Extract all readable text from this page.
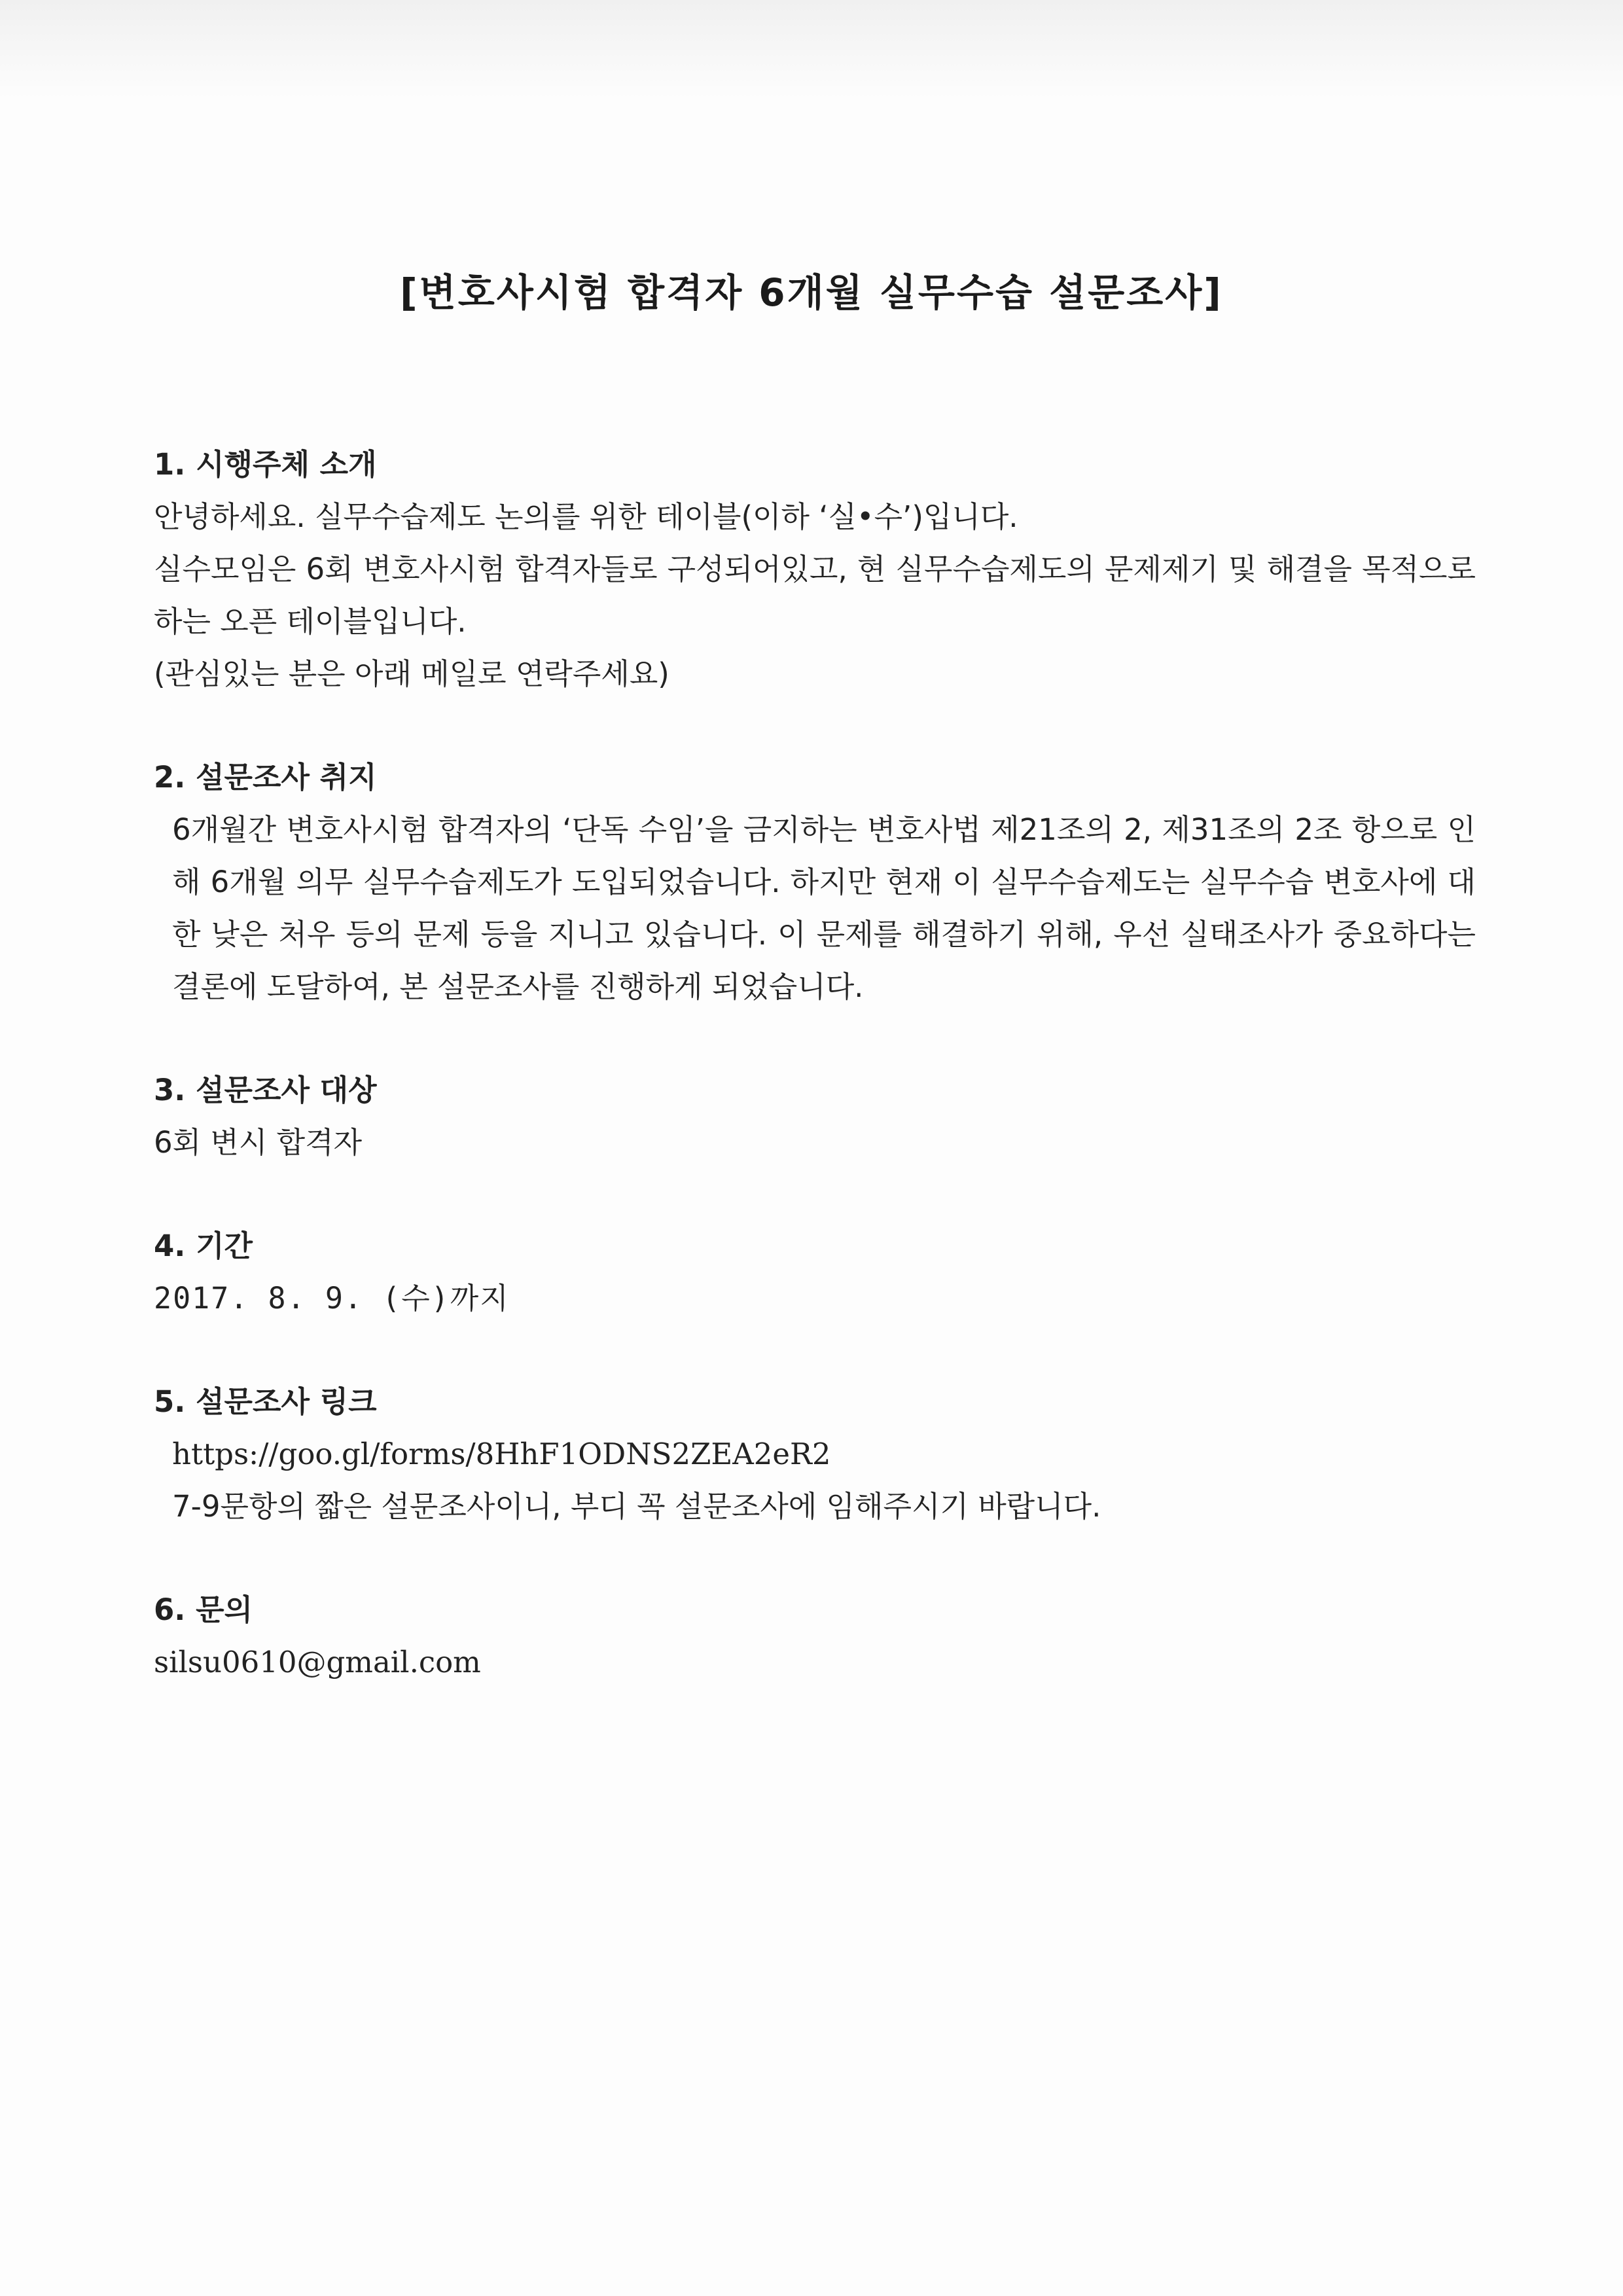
[변호사시험 합격자 6개월 실무수습 설문조사]

1. 시행주체 소개

안녕하세요. 실무수습제도 논의를 위한 테이블(이하 ‘실•수’)입니다.

실수모임은 6회 변호사시험 합격자들로 구성되어있고, 현 실무수습제도의 문제제기 및 해결을 목적으로하는 오픈 테이블입니다.

(관심있는 분은 아래 메일로 연락주세요)

2. 설문조사 취지

6개월간 변호사시험 합격자의 ‘단독 수임’을 금지하는 변호사법 제21조의 2, 제31조의 2조 항으로 인해 6개월 의무 실무수습제도가 도입되었습니다. 하지만 현재 이 실무수습제도는 실무수습 변호사에 대한 낮은 처우 등의 문제 등을 지니고 있습니다. 이 문제를 해결하기 위해, 우선 실태조사가 중요하다는 결론에 도달하여, 본 설문조사를 진행하게 되었습니다.

3. 설문조사 대상

6회 변시 합격자

4. 기간

2017. 8. 9. (수)까지

5. 설문조사 링크

https://goo.gl/forms/8HhF1ODNS2ZEA2eR2

7-9문항의 짧은 설문조사이니, 부디 꼭 설문조사에 임해주시기 바랍니다.

6. 문의

silsu0610@gmail.com
